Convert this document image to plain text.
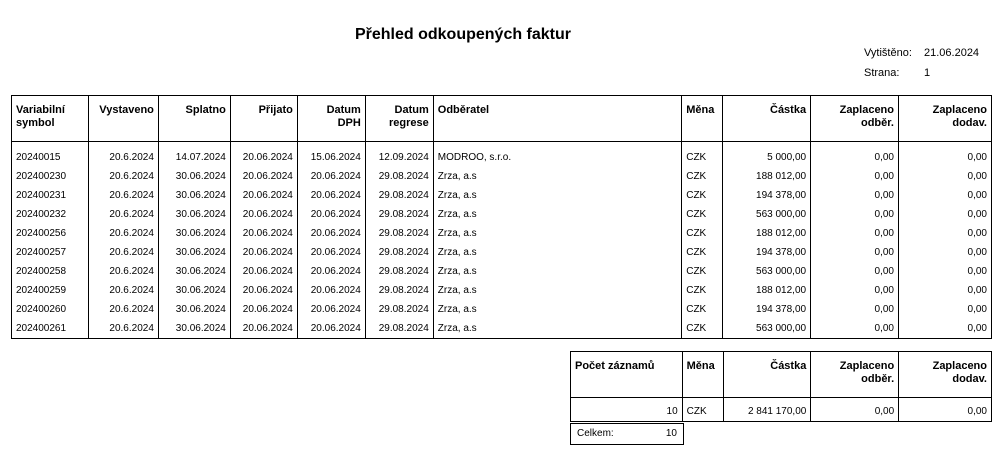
Přehled odkoupených faktur
Vytištěno: 21.06.2024
Strana: 1
Variabilní symbol	Vystaveno	Splatno	Přijato	Datum DPH	Datum regrese	Odběratel	Měna	Částka	Zaplaceno odběr.	Zaplaceno dodav.
20240015	20.6.2024	14.07.2024	20.06.2024	15.06.2024	12.09.2024	MODROO, s.r.o.	CZK	5 000,00	0,00	0,00
202400230	20.6.2024	30.06.2024	20.06.2024	20.06.2024	29.08.2024	Zrza, a.s	CZK	188 012,00	0,00	0,00
202400231	20.6.2024	30.06.2024	20.06.2024	20.06.2024	29.08.2024	Zrza, a.s	CZK	194 378,00	0,00	0,00
202400232	20.6.2024	30.06.2024	20.06.2024	20.06.2024	29.08.2024	Zrza, a.s	CZK	563 000,00	0,00	0,00
202400256	20.6.2024	30.06.2024	20.06.2024	20.06.2024	29.08.2024	Zrza, a.s	CZK	188 012,00	0,00	0,00
202400257	20.6.2024	30.06.2024	20.06.2024	20.06.2024	29.08.2024	Zrza, a.s	CZK	194 378,00	0,00	0,00
202400258	20.6.2024	30.06.2024	20.06.2024	20.06.2024	29.08.2024	Zrza, a.s	CZK	563 000,00	0,00	0,00
202400259	20.6.2024	30.06.2024	20.06.2024	20.06.2024	29.08.2024	Zrza, a.s	CZK	188 012,00	0,00	0,00
202400260	20.6.2024	30.06.2024	20.06.2024	20.06.2024	29.08.2024	Zrza, a.s	CZK	194 378,00	0,00	0,00
202400261	20.6.2024	30.06.2024	20.06.2024	20.06.2024	29.08.2024	Zrza, a.s	CZK	563 000,00	0,00	0,00
Počet záznamů	Měna	Částka	Zaplaceno odběr.	Zaplaceno dodav.
10	CZK	2 841 170,00	0,00	0,00
Celkem:	10
